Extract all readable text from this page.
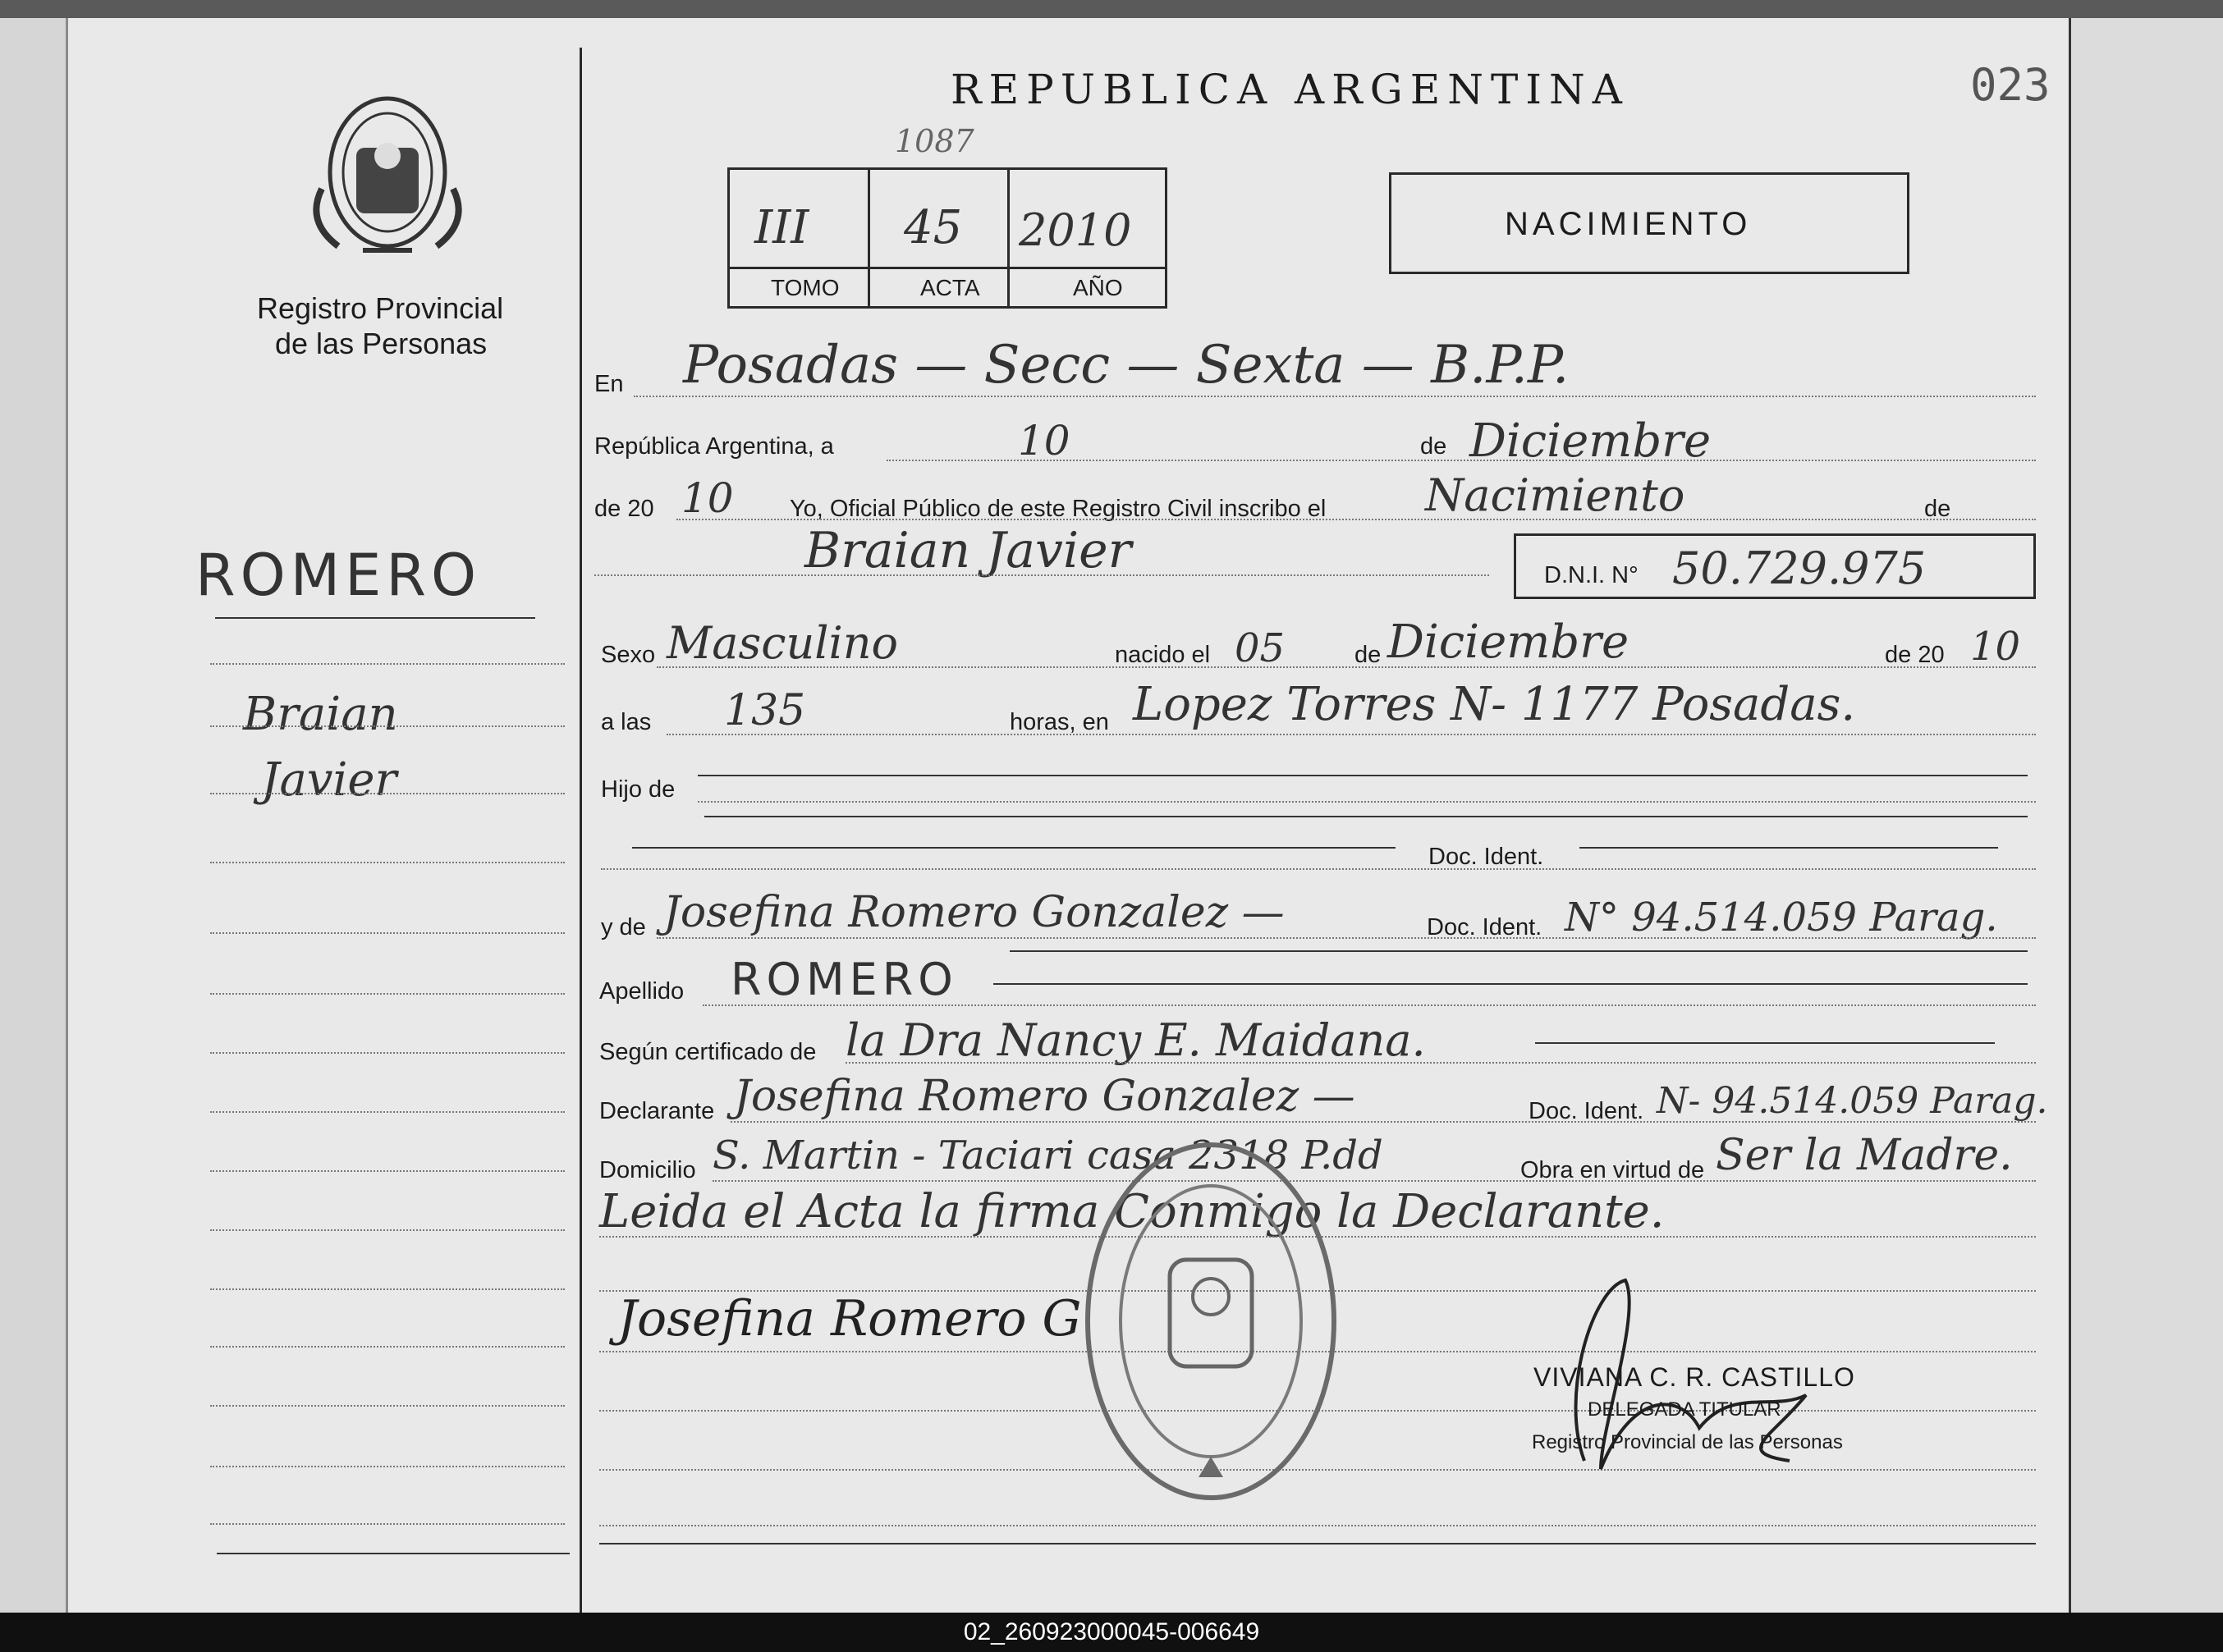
Registro Provincial
de las Personas
REPUBLICA ARGENTINA	023
1087
III 45 2010
TOMO	ACTA	AÑO
NACIMIENTO
ROMERO
Braian
Javier
En Posadas — Secc — Sexta — B.P.P.
República Argentina, a	10	de Diciembre
de 20 10 Yo, Oficial Público de este Registro Civil inscribo el Nacimiento	de
Braian Javier	D.N.I. N° 50.729.975
Sexo Masculino	nacido el 05	de Diciembre	de 20 10
a las 135	horas, en Lopez Torres N- 1177 Posadas.
Hijo de
Doc. Ident.
y de Josefina Romero Gonzalez —	Doc. Ident. N° 94.514.059 Parag.
Apellido ROMERO
Según certificado de la Dra Nancy E. Maidana.
Declarante Josefina Romero Gonzalez —	Doc. Ident. N- 94.514.059 Parag.
Domicilio S. Martin - Taciari casa 2318 P.dd	Obra en virtud de Ser la Madre.
Leida el Acta la firma Conmigo la Declarante.
Josefina Romero G
VIVIANA C. R. CASTILLO
DELEGADA TITULAR
Registro Provincial de las Personas
02_260923000045-006649
